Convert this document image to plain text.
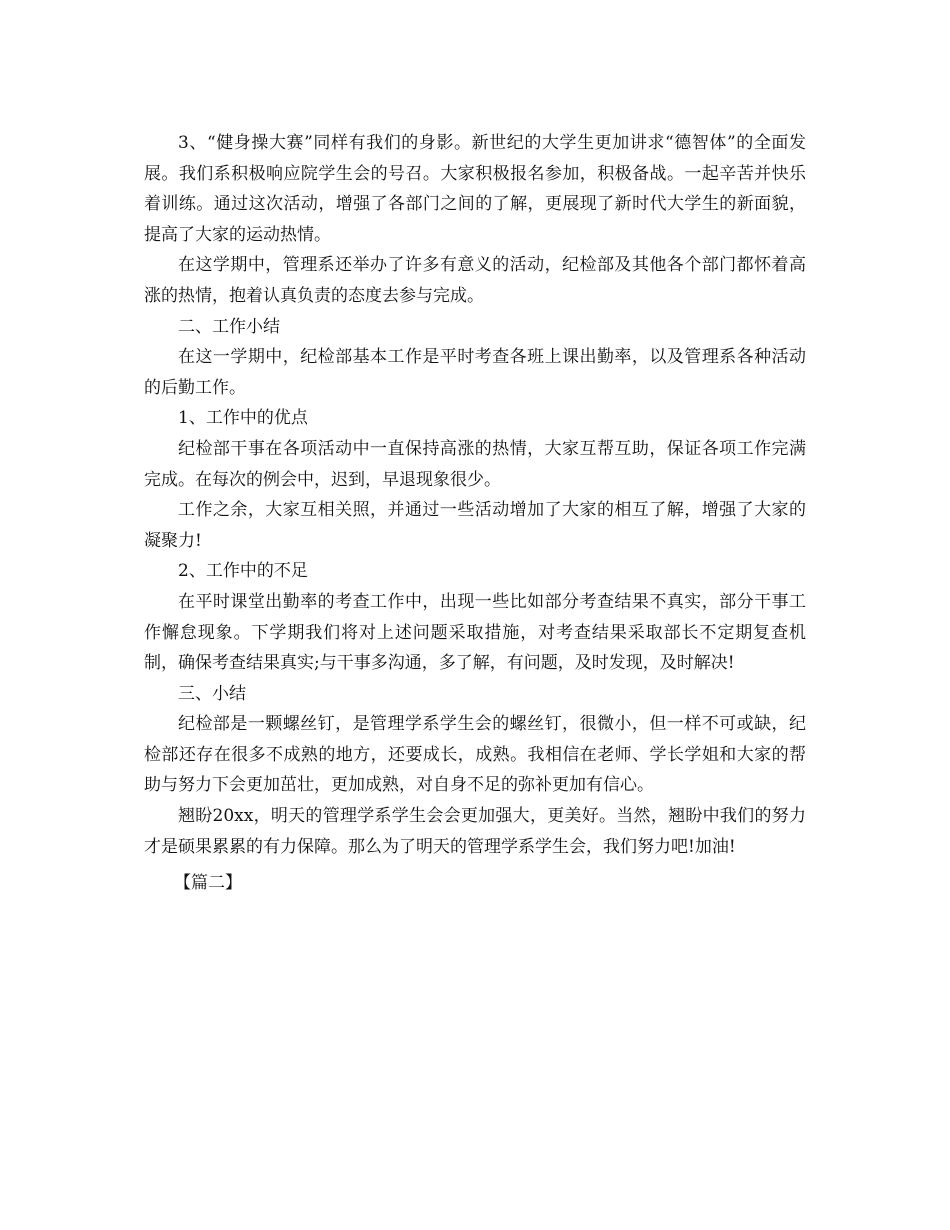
3、“健身操大赛”同样有我们的身影。新世纪的大学生更加讲求“德智体”的全面发展。我们系积极响应院学生会的号召。大家积极报名参加，积极备战。一起辛苦并快乐着训练。通过这次活动，增强了各部门之间的了解，更展现了新时代大学生的新面貌，提高了大家的运动热情。

在这学期中，管理系还举办了许多有意义的活动，纪检部及其他各个部门都怀着高涨的热情，抱着认真负责的态度去参与完成。

二、工作小结

在这一学期中，纪检部基本工作是平时考查各班上课出勤率，以及管理系各种活动的后勤工作。

1、工作中的优点

纪检部干事在各项活动中一直保持高涨的热情，大家互帮互助，保证各项工作完满完成。在每次的例会中，迟到，早退现象很少。

工作之余，大家互相关照，并通过一些活动增加了大家的相互了解，增强了大家的凝聚力!

2、工作中的不足

在平时课堂出勤率的考查工作中，出现一些比如部分考查结果不真实，部分干事工作懈怠现象。下学期我们将对上述问题采取措施，对考查结果采取部长不定期复查机制，确保考查结果真实;与干事多沟通，多了解，有问题，及时发现，及时解决!

三、小结

纪检部是一颗螺丝钉，是管理学系学生会的螺丝钉，很微小，但一样不可或缺，纪检部还存在很多不成熟的地方，还要成长，成熟。我相信在老师、学长学姐和大家的帮助与努力下会更加茁壮，更加成熟，对自身不足的弥补更加有信心。

翘盼20xx，明天的管理学系学生会会更加强大，更美好。当然，翘盼中我们的努力才是硕果累累的有力保障。那么为了明天的管理学系学生会，我们努力吧!加油!

【篇二】
